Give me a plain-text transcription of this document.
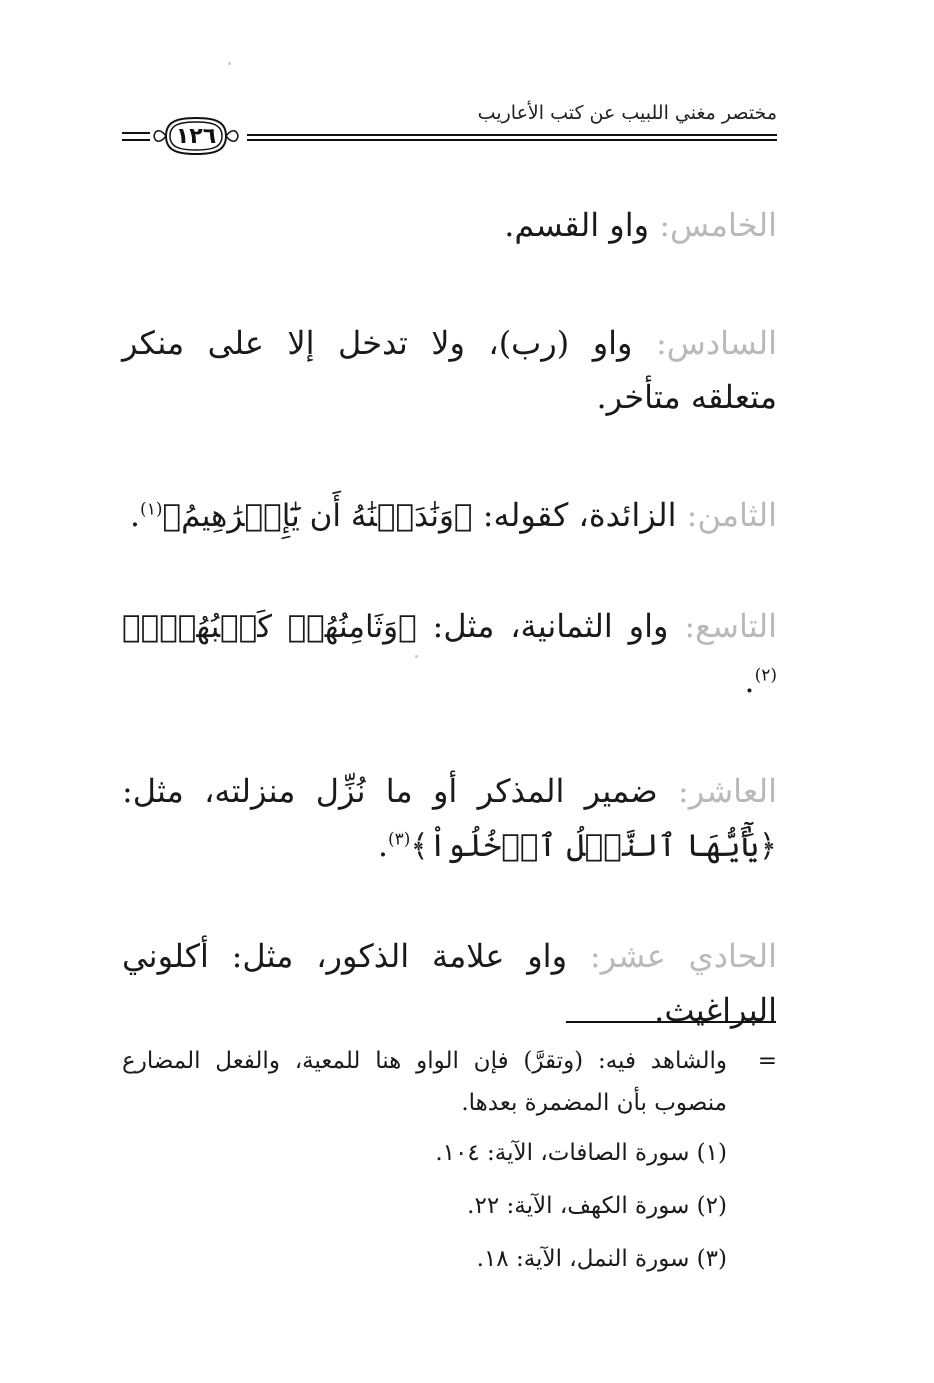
مختصر مغني اللبيب عن كتب الأعاريب
١٢٦

الخامس: واو القسم.

السادس: واو (رب)، ولا تدخل إلا على منكر متعلقه متأخر.

الثامن: الزائدة، كقوله: ﴿وَنَٰدَيۡنَٰهُ أَن يَٰٓإِبۡرَٰهِيمُ﴾$^{(١)}$.

التاسع: واو الثمانية، مثل: ﴿وَثَامِنُهُمۡ كَلۡبُهُمۡۚ﴾$^{(٢)}$.

العاشر: ضمير المذكر أو ما نُزِّل منزلته، مثل: ﴿يَٰٓأَيُّهَا ٱلنَّمۡلُ ٱدۡخُلُواْ﴾$^{(٣)}$.

الحادي عشر: واو علامة الذكور، مثل: أكلوني البراغيث.

=
والشاهد فيه: (وتقرَّ) فإن الواو هنا للمعية، والفعل المضارع منصوب بأن المضمرة بعدها.
(١) سورة الصافات، الآية: ١٠٤.
(٢) سورة الكهف، الآية: ٢٢.
(٣) سورة النمل، الآية: ١٨.
